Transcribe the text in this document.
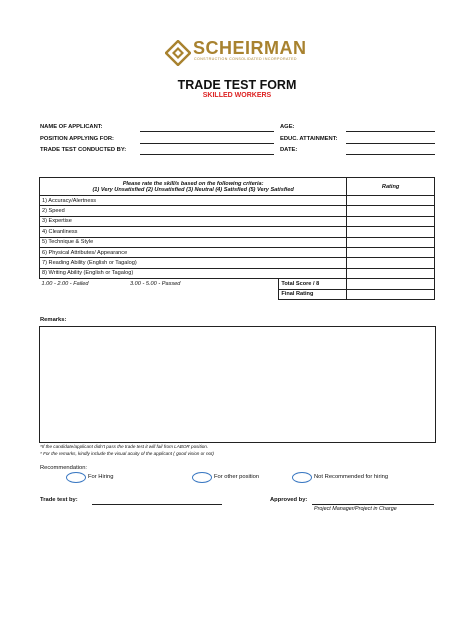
SCHEIRMAN
CONSTRUCTION CONSOLIDATED INCORPORATED
TRADE TEST FORM
SKILLED WORKERS
NAME OF APPLICANT:	AGE:
POSITION APPLYING FOR:	EDUC. ATTAINMENT:
TRADE TEST CONDUCTED BY:	DATE:
Please rate the skill/s based on the following criteria:
(1) Very Unsatisfied (2) Unsatisfied (3) Neutral (4) Satisfied (5) Very Satisfied		Rating
1) Accuracy/Alertness		
2) Speed		
3) Expertise		
4) Cleanliness		
5) Technique & Style		
6) Physical Attributes/ Appearance		
7) Reading Ability (English or Tagalog)		
8) Writing Ability (English or Tagalog)		
1.00 - 2.00 - Failed 3.00 - 5.00 - Passed	Total Score / 8	
	Final Rating	
Remarks:
*If the candidate/applicant didn't pass the trade test it will fail from LABOR position.
* For the remarks, kindly include the visual acuity of the applicant ( good vision or not)
Recommendation:
For Hiring	For other position	Not Recommended for hiring
Trade test by:	Approved by:
Project Manager/Project in Charge
